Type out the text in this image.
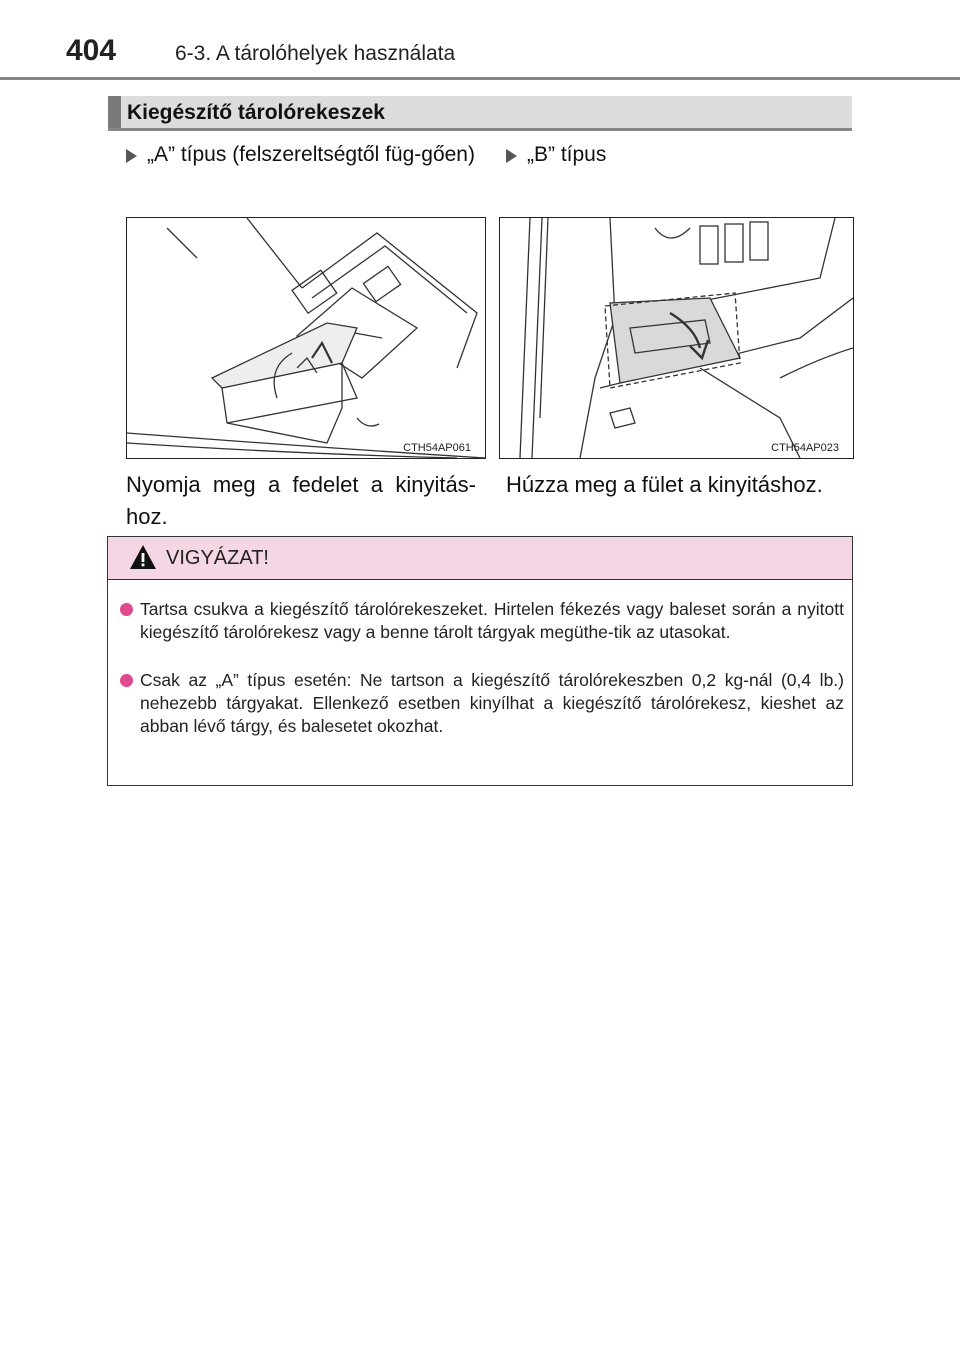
404	6-3. A tárolóhelyek használata
Kiegészítő tárolórekeszek
„A” típus (felszereltségtől füg-gően) „B” típus
CTH54AP061	CTH54AP023
Nyomja meg a fedelet a kinyitás-hoz.
Húzza meg a fület a kinyitáshoz.
VIGYÁZAT!
Tartsa csukva a kiegészítő tárolórekeszeket. Hirtelen fékezés vagy baleset során a nyitott kiegészítő tárolórekesz vagy a benne tárolt tárgyak megüthe-tik az utasokat.
Csak az „A” típus esetén: Ne tartson a kiegészítő tárolórekeszben 0,2 kg-nál (0,4 lb.) nehezebb tárgyakat. Ellenkező esetben kinyílhat a kiegészítő tárolórekesz, kieshet az abban lévő tárgy, és balesetet okozhat.
